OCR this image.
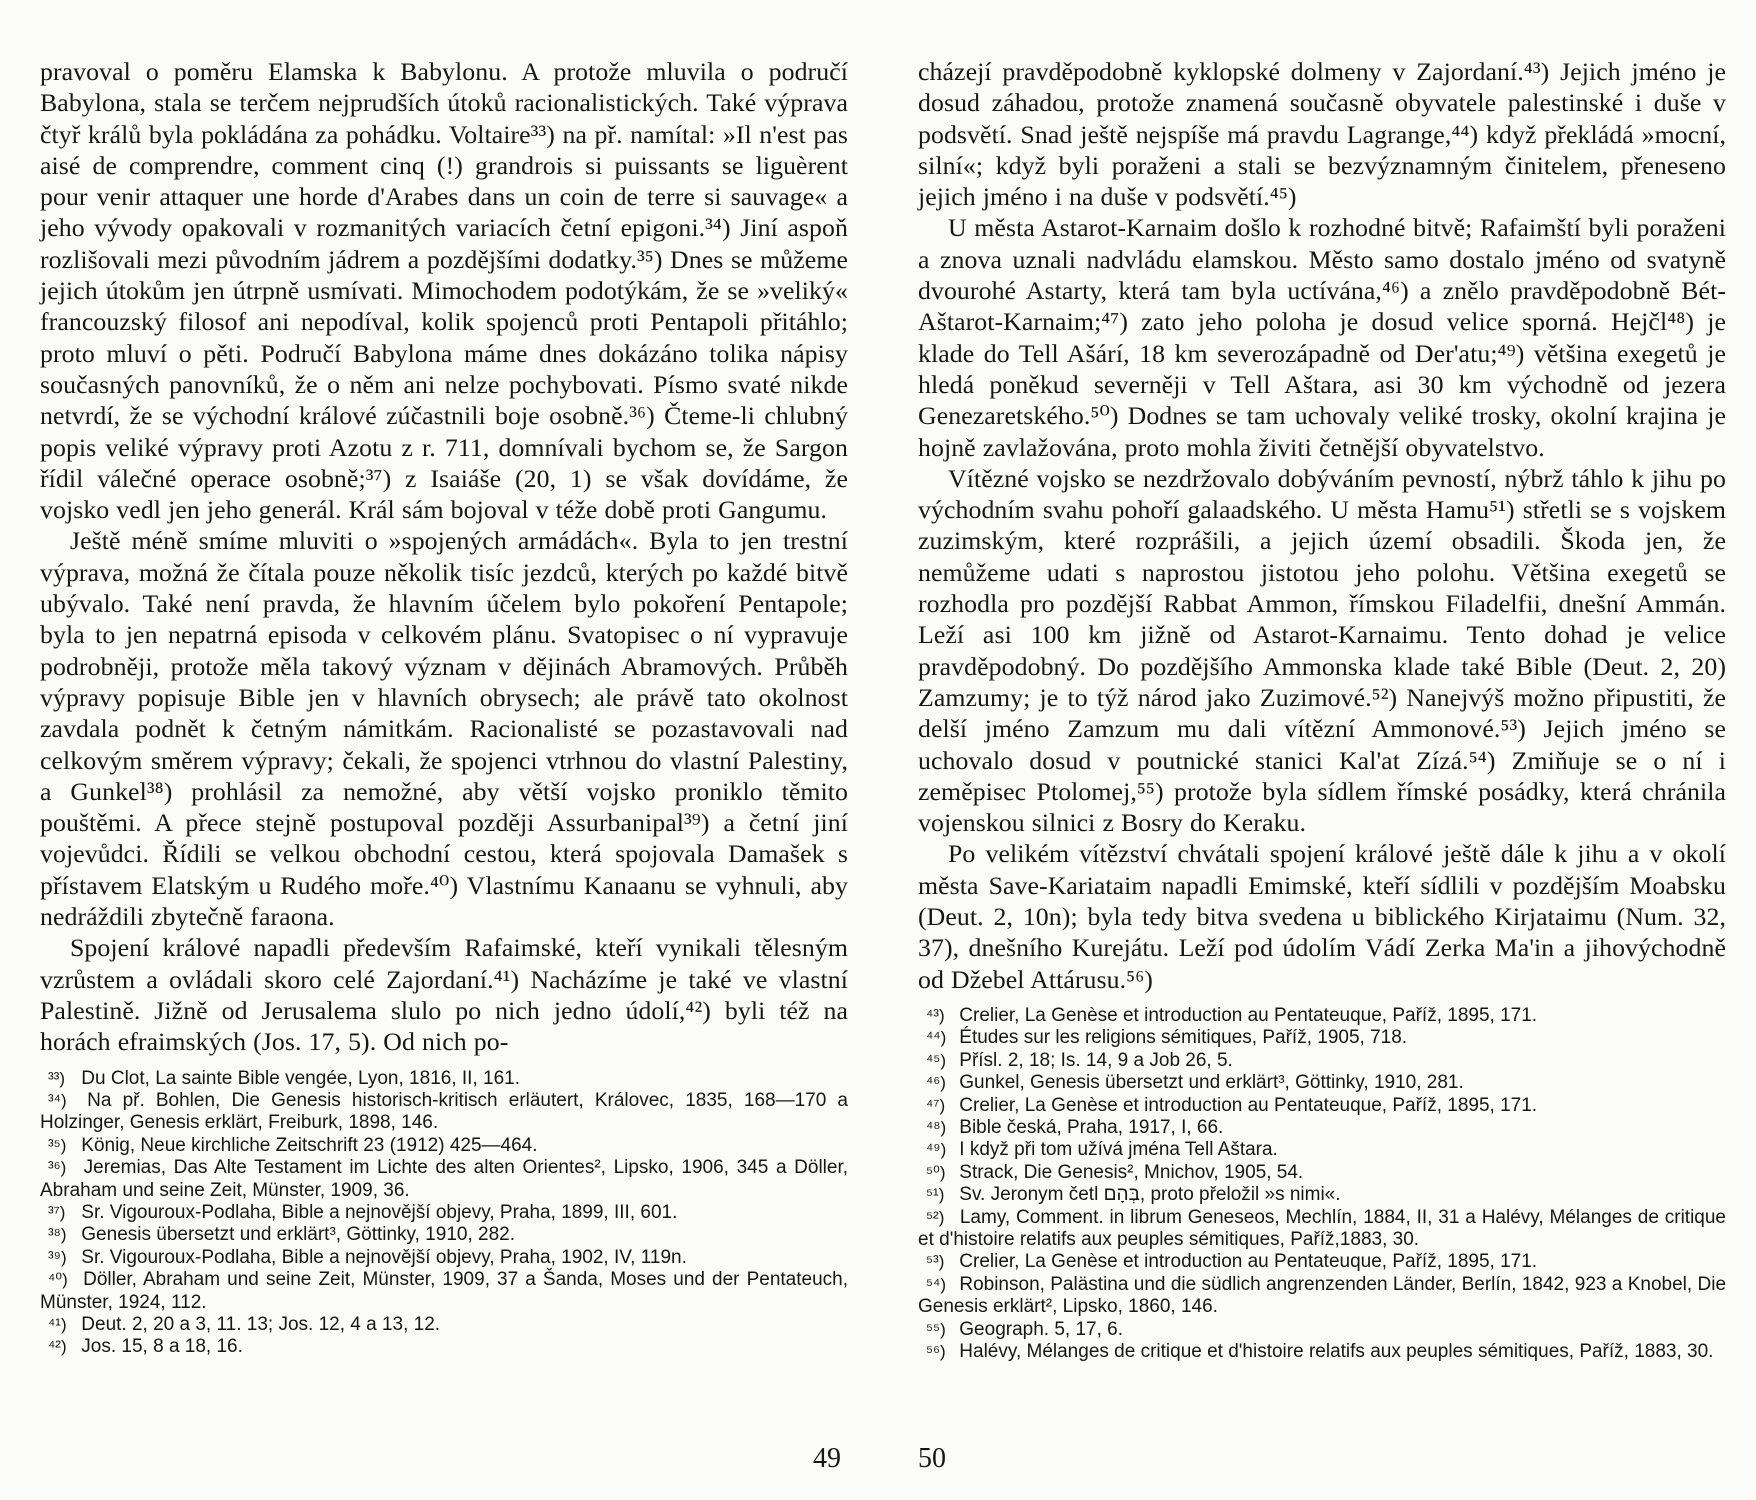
pravoval o poměru Elamska k Babylonu. A protože mluvila o područí Babylona, stala se terčem nejprudších útoků racionalistických. Také výprava čtyř králů byla pokládána za pohádku. Voltaire³³) na př. namítal: »Il n'est pas aisé de comprendre, comment cinq (!) grandrois si puissants se liguèrent pour venir attaquer une horde d'Arabes dans un coin de terre si sauvage« a jeho vývody opakovali v rozmanitých variacích četní epigoni.³⁴) Jiní aspoň rozlišovali mezi původním jádrem a pozdějšími dodatky.³⁵) Dnes se můžeme jejich útokům jen útrpně usmívati. Mimochodem podotýkám, že se »veliký« francouzský filosof ani nepodíval, kolik spojenců proti Pentapoli přitáhlo; proto mluví o pěti. Područí Babylona máme dnes dokázáno tolika nápisy současných panovníků, že o něm ani nelze pochybovati. Písmo svaté nikde netvrdí, že se východní králové zúčastnili boje osobně.³⁶) Čteme-li chlubný popis veliké výpravy proti Azotu z r. 711, domnívali bychom se, že Sargon řídil válečné operace osobně;³⁷) z Isaiáše (20, 1) se však dovídáme, že vojsko vedl jen jeho generál. Král sám bojoval v téže době proti Gangumu.

Ještě méně smíme mluviti o »spojených armádách«. Byla to jen trestní výprava, možná že čítala pouze několik tisíc jezdců, kterých po každé bitvě ubývalo. Také není pravda, že hlavním účelem bylo pokoření Pentapole; byla to jen nepatrná episoda v celkovém plánu. Svatopisec o ní vypravuje podrobněji, protože měla takový význam v dějinách Abramových. Průběh výpravy popisuje Bible jen v hlavních obrysech; ale právě tato okolnost zavdala podnět k četným námitkám. Racionalisté se pozastavovali nad celkovým směrem výpravy; čekali, že spojenci vtrhnou do vlastní Palestiny, a Gunkel³⁸) prohlásil za nemožné, aby větší vojsko proniklo těmito pouštěmi. A přece stejně postupoval později Assurbanipal³⁹) a četní jiní vojevůdci. Řídili se velkou obchodní cestou, která spojovala Damašek s přístavem Elatským u Rudého moře.⁴⁰) Vlastnímu Kanaanu se vyhnuli, aby nedráždili zbytečně faraona.

Spojení králové napadli především Rafaimské, kteří vynikali tělesným vzrůstem a ovládali skoro celé Zajordaní.⁴¹) Nacházíme je také ve vlastní Palestině. Jižně od Jerusalema slulo po nich jedno údolí,⁴²) byli též na horách efraimských (Jos. 17, 5). Od nich po-

³³) Du Clot, La sainte Bible vengée, Lyon, 1816, II, 161.

³⁴) Na př. Bohlen, Die Genesis historisch-kritisch erläutert, Královec, 1835, 168—170 a Holzinger, Genesis erklärt, Freiburk, 1898, 146.

³⁵) König, Neue kirchliche Zeitschrift 23 (1912) 425—464.

³⁶) Jeremias, Das Alte Testament im Lichte des alten Orientes², Lipsko, 1906, 345 a Döller, Abraham und seine Zeit, Münster, 1909, 36.

³⁷) Sr. Vigouroux-Podlaha, Bible a nejnovější objevy, Praha, 1899, III, 601.

³⁸) Genesis übersetzt und erklärt³, Göttinky, 1910, 282.

³⁹) Sr. Vigouroux-Podlaha, Bible a nejnovější objevy, Praha, 1902, IV, 119n.

⁴⁰) Döller, Abraham und seine Zeit, Münster, 1909, 37 a Šanda, Moses und der Pentateuch, Münster, 1924, 112.

⁴¹) Deut. 2, 20 a 3, 11. 13; Jos. 12, 4 a 13, 12.

⁴²) Jos. 15, 8 a 18, 16.

cházejí pravděpodobně kyklopské dolmeny v Zajordaní.⁴³) Jejich jméno je dosud záhadou, protože znamená současně obyvatele palestinské i duše v podsvětí. Snad ještě nejspíše má pravdu Lagrange,⁴⁴) když překládá »mocní, silní«; když byli poraženi a stali se bezvýznamným činitelem, přeneseno jejich jméno i na duše v podsvětí.⁴⁵)

U města Astarot-Karnaim došlo k rozhodné bitvě; Rafaimští byli poraženi a znova uznali nadvládu elamskou. Město samo dostalo jméno od svatyně dvourohé Astarty, která tam byla uctívána,⁴⁶) a znělo pravděpodobně Bét-Aštarot-Karnaim;⁴⁷) zato jeho poloha je dosud velice sporná. Hejčl⁴⁸) je klade do Tell Ašárí, 18 km severozápadně od Der'atu;⁴⁹) většina exegetů je hledá poněkud severněji v Tell Aštara, asi 30 km východně od jezera Genezaretského.⁵⁰) Dodnes se tam uchovaly veliké trosky, okolní krajina je hojně zavlažována, proto mohla živiti četnější obyvatelstvo.

Vítězné vojsko se nezdržovalo dobýváním pevností, nýbrž táhlo k jihu po východním svahu pohoří galaadského. U města Hamu⁵¹) střetli se s vojskem zuzimským, které rozprášili, a jejich území obsadili. Škoda jen, že nemůžeme udati s naprostou jistotou jeho polohu. Většina exegetů se rozhodla pro pozdější Rabbat Ammon, římskou Filadelfii, dnešní Ammán. Leží asi 100 km jižně od Astarot-Karnaimu. Tento dohad je velice pravděpodobný. Do pozdějšího Ammonska klade také Bible (Deut. 2, 20) Zamzumy; je to týž národ jako Zuzimové.⁵²) Nanejvýš možno připustiti, že delší jméno Zamzum mu dali vítězní Ammonové.⁵³) Jejich jméno se uchovalo dosud v poutnické stanici Kal'at Zízá.⁵⁴) Zmiňuje se o ní i zeměpisec Ptolomej,⁵⁵) protože byla sídlem římské posádky, která chránila vojenskou silnici z Bosry do Keraku.

Po velikém vítězství chvátali spojení králové ještě dále k jihu a v okolí města Save-Kariataim napadli Emimské, kteří sídlili v pozdějším Moabsku (Deut. 2, 10n); byla tedy bitva svedena u biblického Kirjataimu (Num. 32, 37), dnešního Kurejátu. Leží pod údolím Vádí Zerka Ma'in a jihovýchodně od Džebel Attárusu.⁵⁶)

⁴³) Crelier, La Genèse et introduction au Pentateuque, Paříž, 1895, 171.

⁴⁴) Études sur les religions sémitiques, Paříž, 1905, 718.

⁴⁵) Přísl. 2, 18; Is. 14, 9 a Job 26, 5.

⁴⁶) Gunkel, Genesis übersetzt und erklärt³, Göttinky, 1910, 281.

⁴⁷) Crelier, La Genèse et introduction au Pentateuque, Paříž, 1895, 171.

⁴⁸) Bible česká, Praha, 1917, I, 66.

⁴⁹) I když při tom užívá jména Tell Aštara.

⁵⁰) Strack, Die Genesis², Mnichov, 1905, 54.

⁵¹) Sv. Jeronym četl בְּהָם, proto přeložil »s nimi«.

⁵²) Lamy, Comment. in librum Geneseos, Mechlín, 1884, II, 31 a Halévy, Mélanges de critique et d'histoire relatifs aux peuples sémitiques, Paříž,1883, 30.

⁵³) Crelier, La Genèse et introduction au Pentateuque, Paříž, 1895, 171.

⁵⁴) Robinson, Palästina und die südlich angrenzenden Länder, Berlín, 1842, 923 a Knobel, Die Genesis erklärt², Lipsko, 1860, 146.

⁵⁵) Geograph. 5, 17, 6.

⁵⁶) Halévy, Mélanges de critique et d'histoire relatifs aux peuples sémitiques, Paříž, 1883, 30.

49	50
